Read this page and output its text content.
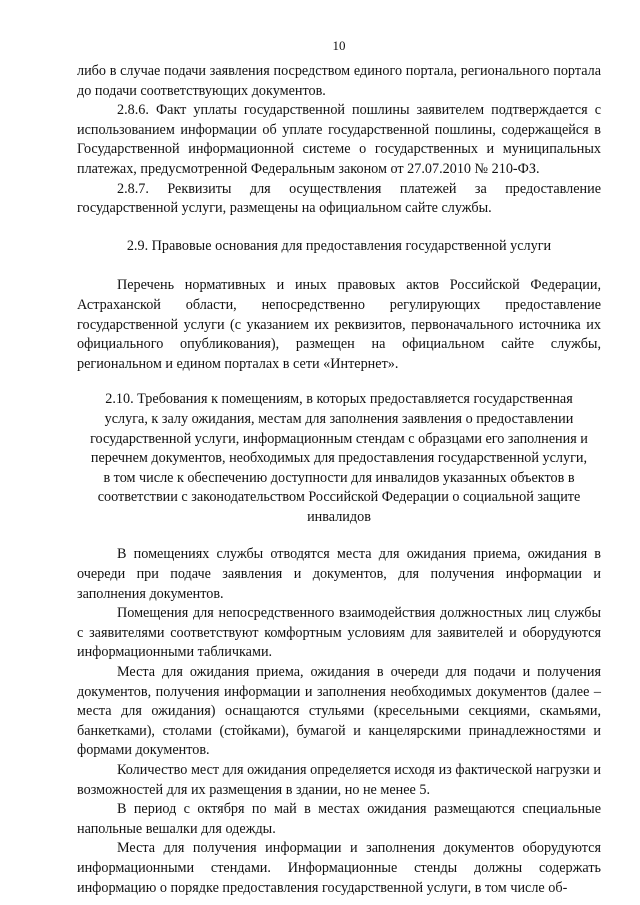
10

либо в случае подачи заявления посредством единого портала, регионального портала до подачи соответствующих документов.

2.8.6. Факт уплаты государственной пошлины заявителем подтверждается с использованием информации об уплате государственной пошлины, содержащейся в Государственной информационной системе о государственных и муниципальных платежах, предусмотренной Федеральным законом от 27.07.2010 № 210-ФЗ.

2.8.7. Реквизиты для осуществления платежей за предоставление государственной услуги, размещены на официальном сайте службы.

2.9. Правовые основания для предоставления государственной услуги

Перечень нормативных и иных правовых актов Российской Федерации, Астраханской области, непосредственно регулирующих предоставление государственной услуги (с указанием их реквизитов, первоначального источника их официального опубликования), размещен на официальном сайте службы, региональном и едином порталах в сети «Интернет».

2.10. Требования к помещениям, в которых предоставляется государственная услуга, к залу ожидания, местам для заполнения заявления о предоставлении государственной услуги, информационным стендам с образцами его заполнения и перечнем документов, необходимых для предоставления государственной услуги, в том числе к обеспечению доступности для инвалидов указанных объектов в соответствии с законодательством Российской Федерации о социальной защите инвалидов

В помещениях службы отводятся места для ожидания приема, ожидания в очереди при подаче заявления и документов, для получения информации и заполнения документов.

Помещения для непосредственного взаимодействия должностных лиц службы с заявителями соответствуют комфортным условиям для заявителей и оборудуются информационными табличками.

Места для ожидания приема, ожидания в очереди для подачи и получения документов, получения информации и заполнения необходимых документов (далее – места для ожидания) оснащаются стульями (кресельными секциями, скамьями, банкетками), столами (стойками), бумагой и канцелярскими принадлежностями и формами документов.

Количество мест для ожидания определяется исходя из фактической нагрузки и возможностей для их размещения в здании, но не менее 5.

В период с октября по май в местах ожидания размещаются специальные напольные вешалки для одежды.

Места для получения информации и заполнения документов оборудуются информационными стендами. Информационные стенды должны содержать информацию о порядке предоставления государственной услуги, в том числе об-
